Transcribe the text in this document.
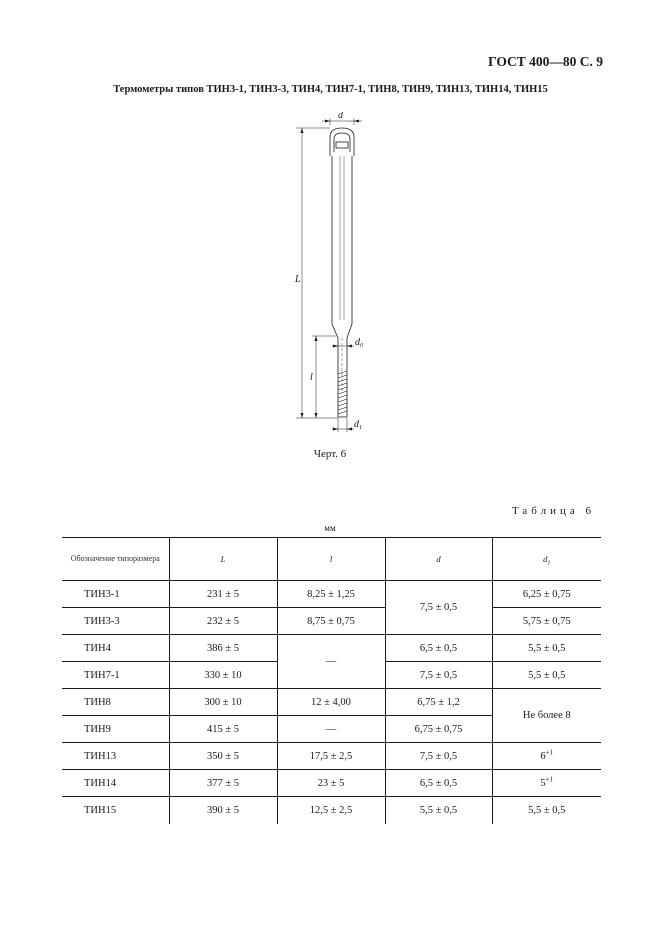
ГОСТ 400—80 С. 9
Термометры типов ТИН3-1, ТИН3-3, ТИН4, ТИН7-1, ТИН8, ТИН9, ТИН13, ТИН14, ТИН15
d
L
l
$d_0$
$d_1$
Черт. 6
Таблица 6
мм
Обозначение типоразмера	L	l	d	$d_1$
ТИН3-1	231 ± 5	8,25 ± 1,25	7,5 ± 0,5	6,25 ± 0,75
ТИН3-3	232 ± 5	8,75 ± 0,75		5,75 ± 0,75
ТИН4	386 ± 5	—	6,5 ± 0,5	5,5 ± 0,5
ТИН7-1	330 ± 10		7,5 ± 0,5	5,5 ± 0,5
ТИН8	300 ± 10	12 ± 4,00	6,75 ± 1,2	Не более 8
ТИН9	415 ± 5	—	6,75 ± 0,75	
ТИН13	350 ± 5	17,5 ± 2,5	7,5 ± 0,5	$6^{+1}$
ТИН14	377 ± 5	23 ± 5	6,5 ± 0,5	$5^{+1}$
ТИН15	390 ± 5	12,5 ± 2,5	5,5 ± 0,5	5,5 ± 0,5
